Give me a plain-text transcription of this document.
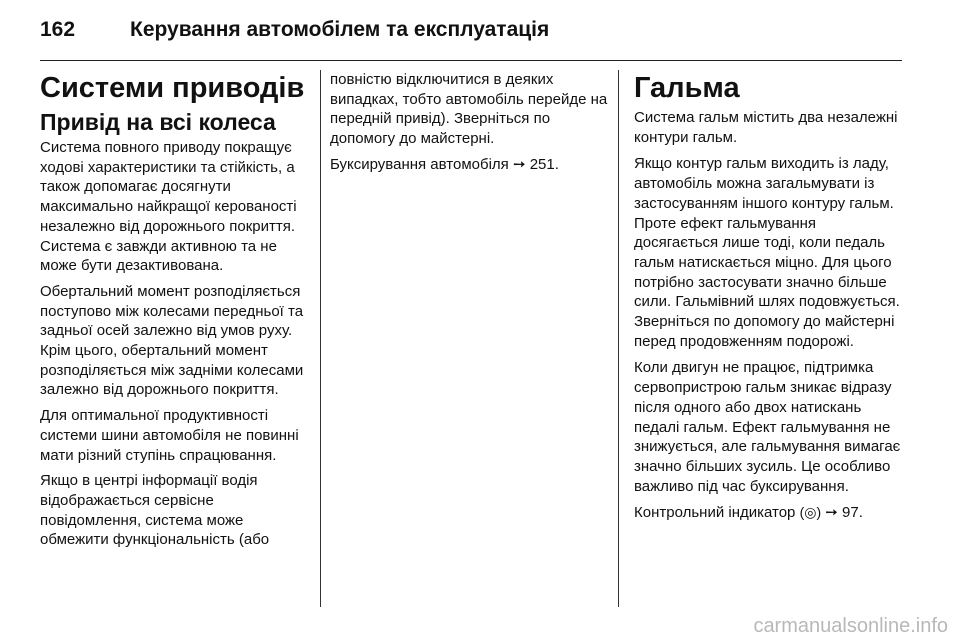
162	Керування автомобілем та експлуатація
Системи приводів
Привід на всі колеса

Система повного приводу покращує ходові характеристики та стійкість, а також допомагає досягнути максимально найкращої керованості незалежно від дорожнього покриття. Система є завжди активною та не може бути дезактивована.

Обертальний момент розподіляється поступово між колесами передньої та задньої осей залежно від умов руху. Крім цього, обертальний момент розподіляється між задніми колесами залежно від дорожнього покриття.

Для оптимальної продуктивності системи шини автомобіля не повинні мати різний ступінь спрацювання.

Якщо в центрі інформації водія відображається сервісне повідомлення, система може обмежити функціональність (або

повністю відключитися в деяких випадках, тобто автомобіль перейде на передній привід). Зверніться по допомогу до майстерні.

Буксирування автомобіля ➙ 251.

Гальма

Система гальм містить два незалежні контури гальм.

Якщо контур гальм виходить із ладу, автомобіль можна загальмувати із застосуванням іншого контуру гальм. Проте ефект гальмування досягається лише тоді, коли педаль гальм натискається міцно. Для цього потрібно застосувати значно більше сили. Гальмівний шлях подовжується. Зверніться по допомогу до майстерні перед продовженням подорожі.

Коли двигун не працює, підтримка сервопристрою гальм зникає відразу після одного або двох натискань педалі гальм. Ефект гальмування не знижується, але гальмування вимагає значно більших зусиль. Це особливо важливо під час буксирування.

Контрольний індикатор (◎) ➙ 97.

carmanualsonline.info
